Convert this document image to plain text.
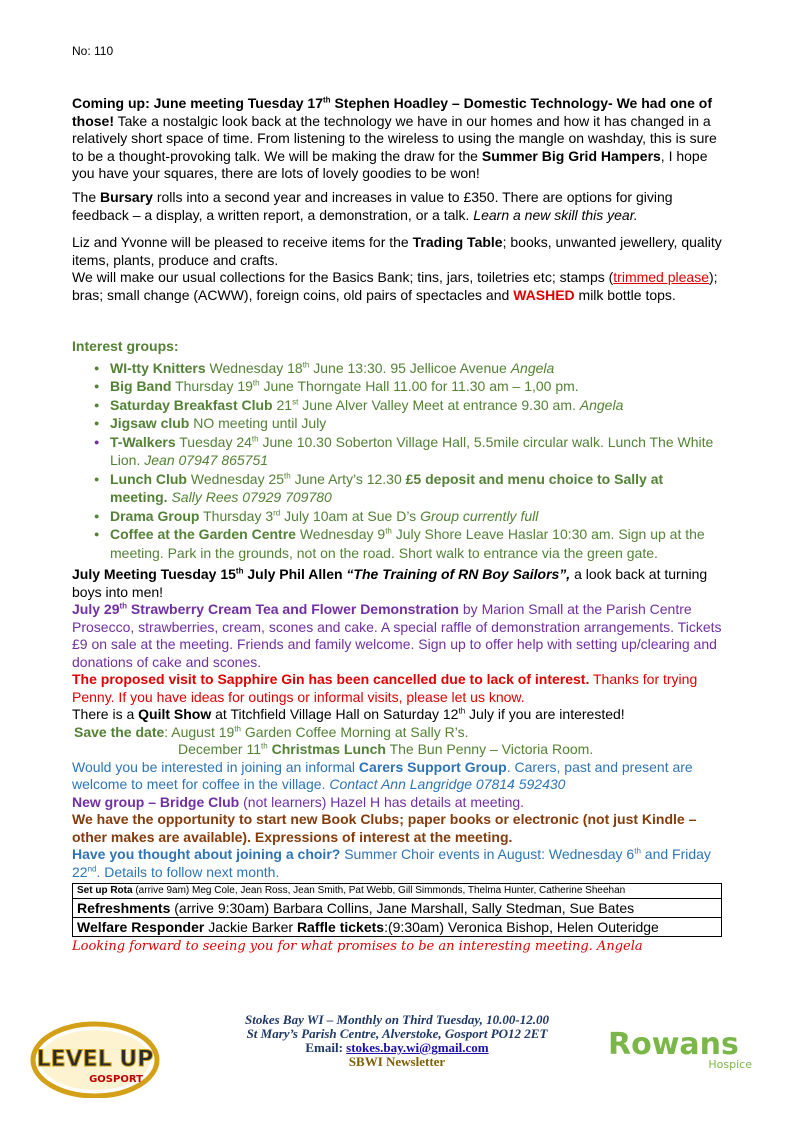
No: 110

Coming up: June meeting Tuesday 17th Stephen Hoadley – Domestic Technology- We had one of those! Take a nostalgic look back at the technology we have in our homes and how it has changed in a relatively short space of time. From listening to the wireless to using the mangle on washday, this is sure to be a thought-provoking talk. We will be making the draw for the Summer Big Grid Hampers, I hope you have your squares, there are lots of lovely goodies to be won!

The Bursary rolls into a second year and increases in value to £350. There are options for giving feedback – a display, a written report, a demonstration, or a talk. Learn a new skill this year.

Liz and Yvonne will be pleased to receive items for the Trading Table; books, unwanted jewellery, quality items, plants, produce and crafts.
We will make our usual collections for the Basics Bank; tins, jars, toiletries etc; stamps (trimmed please); bras; small change (ACWW), foreign coins, old pairs of spectacles and WASHED milk bottle tops.

Interest groups:

● WI-tty Knitters Wednesday 18th June 13:30. 95 Jellicoe Avenue Angela
● Big Band Thursday 19th June Thorngate Hall 11.00 for 11.30 am – 1,00 pm.
● Saturday Breakfast Club 21st June Alver Valley Meet at entrance 9.30 am. Angela
● Jigsaw club NO meeting until July
● T-Walkers Tuesday 24th June 10.30 Soberton Village Hall, 5.5mile circular walk. Lunch The White Lion. Jean 07947 865751
● Lunch Club Wednesday 25th June Arty’s 12.30 £5 deposit and menu choice to Sally at meeting. Sally Rees 07929 709780
● Drama Group Thursday 3rd July 10am at Sue D’s Group currently full
● Coffee at the Garden Centre Wednesday 9th July Shore Leave Haslar 10:30 am. Sign up at the meeting. Park in the grounds, not on the road. Short walk to entrance via the green gate.

July Meeting Tuesday 15th July Phil Allen “The Training of RN Boy Sailors”, a look back at turning boys into men!

July 29th Strawberry Cream Tea and Flower Demonstration by Marion Small at the Parish Centre Prosecco, strawberries, cream, scones and cake. A special raffle of demonstration arrangements. Tickets £9 on sale at the meeting. Friends and family welcome. Sign up to offer help with setting up/clearing and donations of cake and scones.

The proposed visit to Sapphire Gin has been cancelled due to lack of interest. Thanks for trying Penny. If you have ideas for outings or informal visits, please let us know.

There is a Quilt Show at Titchfield Village Hall on Saturday 12th July if you are interested!

Save the date: August 19th Garden Coffee Morning at Sally R’s.
December 11th Christmas Lunch The Bun Penny – Victoria Room.

Would you be interested in joining an informal Carers Support Group. Carers, past and present are welcome to meet for coffee in the village. Contact Ann Langridge 07814 592430

New group – Bridge Club (not learners) Hazel H has details at meeting.

We have the opportunity to start new Book Clubs; paper books or electronic (not just Kindle – other makes are available). Expressions of interest at the meeting.

Have you thought about joining a choir? Summer Choir events in August: Wednesday 6th and Friday 22nd. Details to follow next month.

Set up Rota (arrive 9am) Meg Cole, Jean Ross, Jean Smith, Pat Webb, Gill Simmonds, Thelma Hunter, Catherine Sheehan
Refreshments (arrive 9:30am) Barbara Collins, Jane Marshall, Sally Stedman, Sue Bates
Welfare Responder Jackie Barker Raffle tickets:(9:30am) Veronica Bishop, Helen Outeridge

Looking forward to seeing you for what promises to be an interesting meeting. Angela

LEVEL UP
GOSPORT
Rowans
Hospice
Stokes Bay WI – Monthly on Third Tuesday, 10.00-12.00
St Mary’s Parish Centre, Alverstoke, Gosport PO12 2ET
Email: stokes.bay.wi@gmail.com
SBWI Newsletter
